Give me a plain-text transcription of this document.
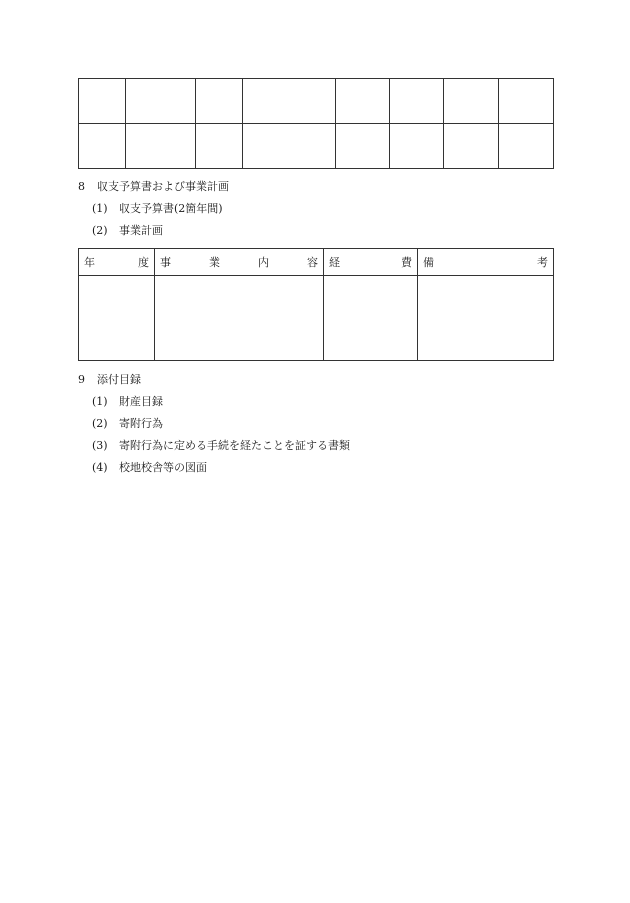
8 収支予算書および事業計画
(1) 収支予算書(2箇年間)
(2) 事業計画
年 度	事 業 内 容	経 費	備 考

9 添付目録
(1) 財産目録
(2) 寄附行為
(3) 寄附行為に定める手続を経たことを証する書類
(4) 校地校舎等の図面
